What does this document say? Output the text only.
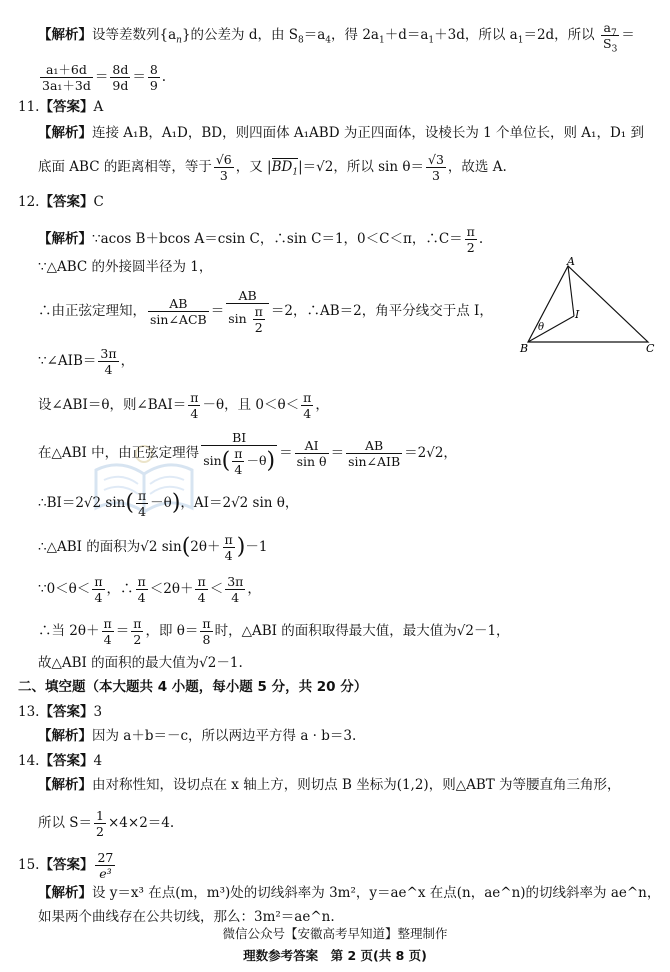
【解析】设等差数列$\{a_n\}$的公差为 d，由 $S_8=a_4$，得 $2a_1+d=a_1+3d$，所以 $a_1=2d$，所以 $\frac{a_7}{S_3}$ ＝
$\frac{\text{a₁＋6d}}{\text{3a₁＋3d}} = \frac{8d}{9d} = \frac{8}{9}$ .
11.【答案】A
【解析】连接 A₁B，A₁D，BD，则四面体 A₁ABD 为正四面体，设棱长为 1 个单位长，则 A₁，D₁ 到
底面 ABC 的距离相等，等于 $\frac{√6}{3}$ ，又 $|BD_1|=√2$，所以 $\sin \theta= \frac{√3}{3}$ ，故选 A.
12.【答案】C
【解析】∵acos B＋bcos A＝csin C，∴sin C＝1，0＜C＜π，∴C＝ $\frac{\pi}{2}$ .
∵△ABC 的外接圆半径为 1，
∴由正弦定理知， $\frac{AB}{\text{sin∠ACB}} = \frac{AB}{\sin \frac{\pi}{2}} =2$，∴AB＝2，角平分线交于点 I，
∵∠AIB＝ $\frac{3\pi}{4}$ ，
设∠ABI＝θ，则∠BAI＝ $\frac{\pi}{4} -\theta$，且 $0<\theta< \frac{\pi}{4}$ ，
在△ABI 中，由正弦定理得 $\frac{BI}{\sin( \frac{\pi}{4} -\theta)} = \frac{AI}{\text{sin θ}} = \frac{AB}{\text{sin∠AIB}} =2√2$，
∴BI＝2√2 $\sin( \frac{\pi}{4} -\theta)$，AI＝2√2 sin θ，
∴△ABI 的面积为√2 $\sin(2\theta+ \frac{\pi}{4} )-1$
∵0＜θ＜ $\frac{\pi}{4}$ ，∴ $\frac{\pi}{4} <2\theta+ \frac{\pi}{4} < \frac{3\pi}{4}$ ，
∴当 $2\theta+ \frac{\pi}{4} = \frac{\pi}{2}$ ，即 $\theta= \frac{\pi}{8}$ 时，△ABI 的面积取得最大值，最大值为√2－1，
故△ABI 的面积的最大值为√2－1.
A
B	C
I
θ
二、填空题（本大题共 4 小题，每小题 5 分，共 20 分）
13.【答案】3
【解析】因为 a＋b＝－c，所以两边平方得 a · b＝3.
14.【答案】4
【解析】由对称性知，设切点在 x 轴上方，则切点 B 坐标为(1,2)，则△ABT 为等腰直角三角形，
所以 $S= \frac{1}{2} \times 4\times 2=4$.
15.【答案】 $\frac{27}{\text{e³}}$
【解析】设 y＝x³ 在点(m，m³)处的切线斜率为 3m²，y＝ae^x 在点(n，ae^n)的切线斜率为 ae^n，
如果两个曲线存在公共切线，那么：3m²＝ae^n.
微信公众号【安徽高考早知道】整理制作
理数参考答案　第 2 页(共 8 页)
